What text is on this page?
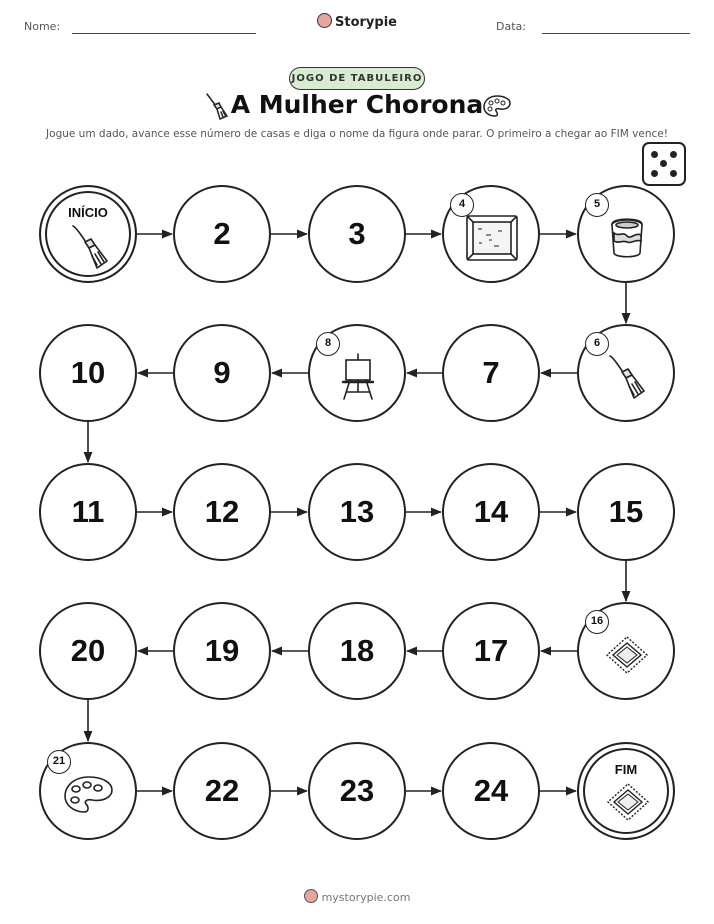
Nome:	Storypie	Data:
JOGO DE TABULEIRO
A Mulher Chorona
Jogue um dado, avance esse número de casas e diga o nome da figura onde parar. O primeiro a chegar ao FIM vence!
INÍCIO
2	3
4	5
6
7
8
9
10
11	12	13	14	15
16
17
18
19
20
21
22	23	24
FIM
mystorypie.com
